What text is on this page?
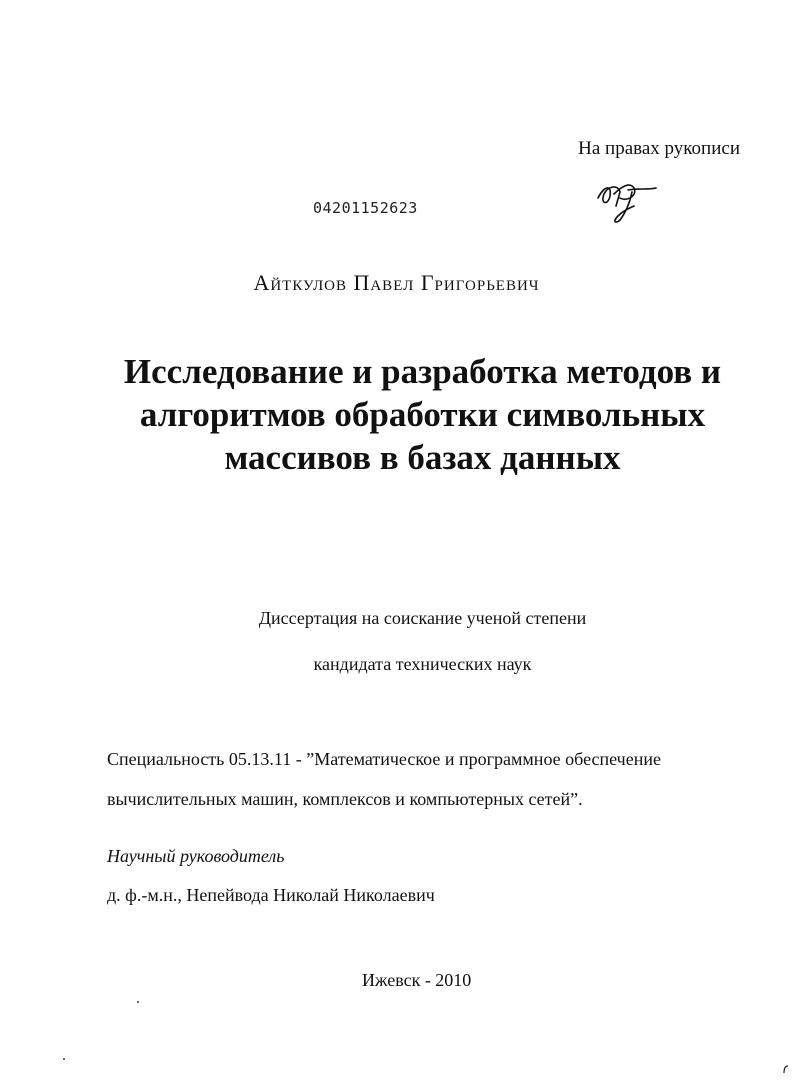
На правах рукописи
04201152623
Айткулов Павел Григорьевич
Исследование и разработка методов и
алгоритмов обработки символьных
массивов в базах данных
Диссертация на соискание ученой степени
кандидата технических наук
Специальность 05.13.11 - ”Математическое и программное обеспечение
вычислительных машин, комплексов и компьютерных сетей”.
Научный руководитель
д. ф.-м.н., Непейвода Николай Николаевич
Ижевск - 2010
